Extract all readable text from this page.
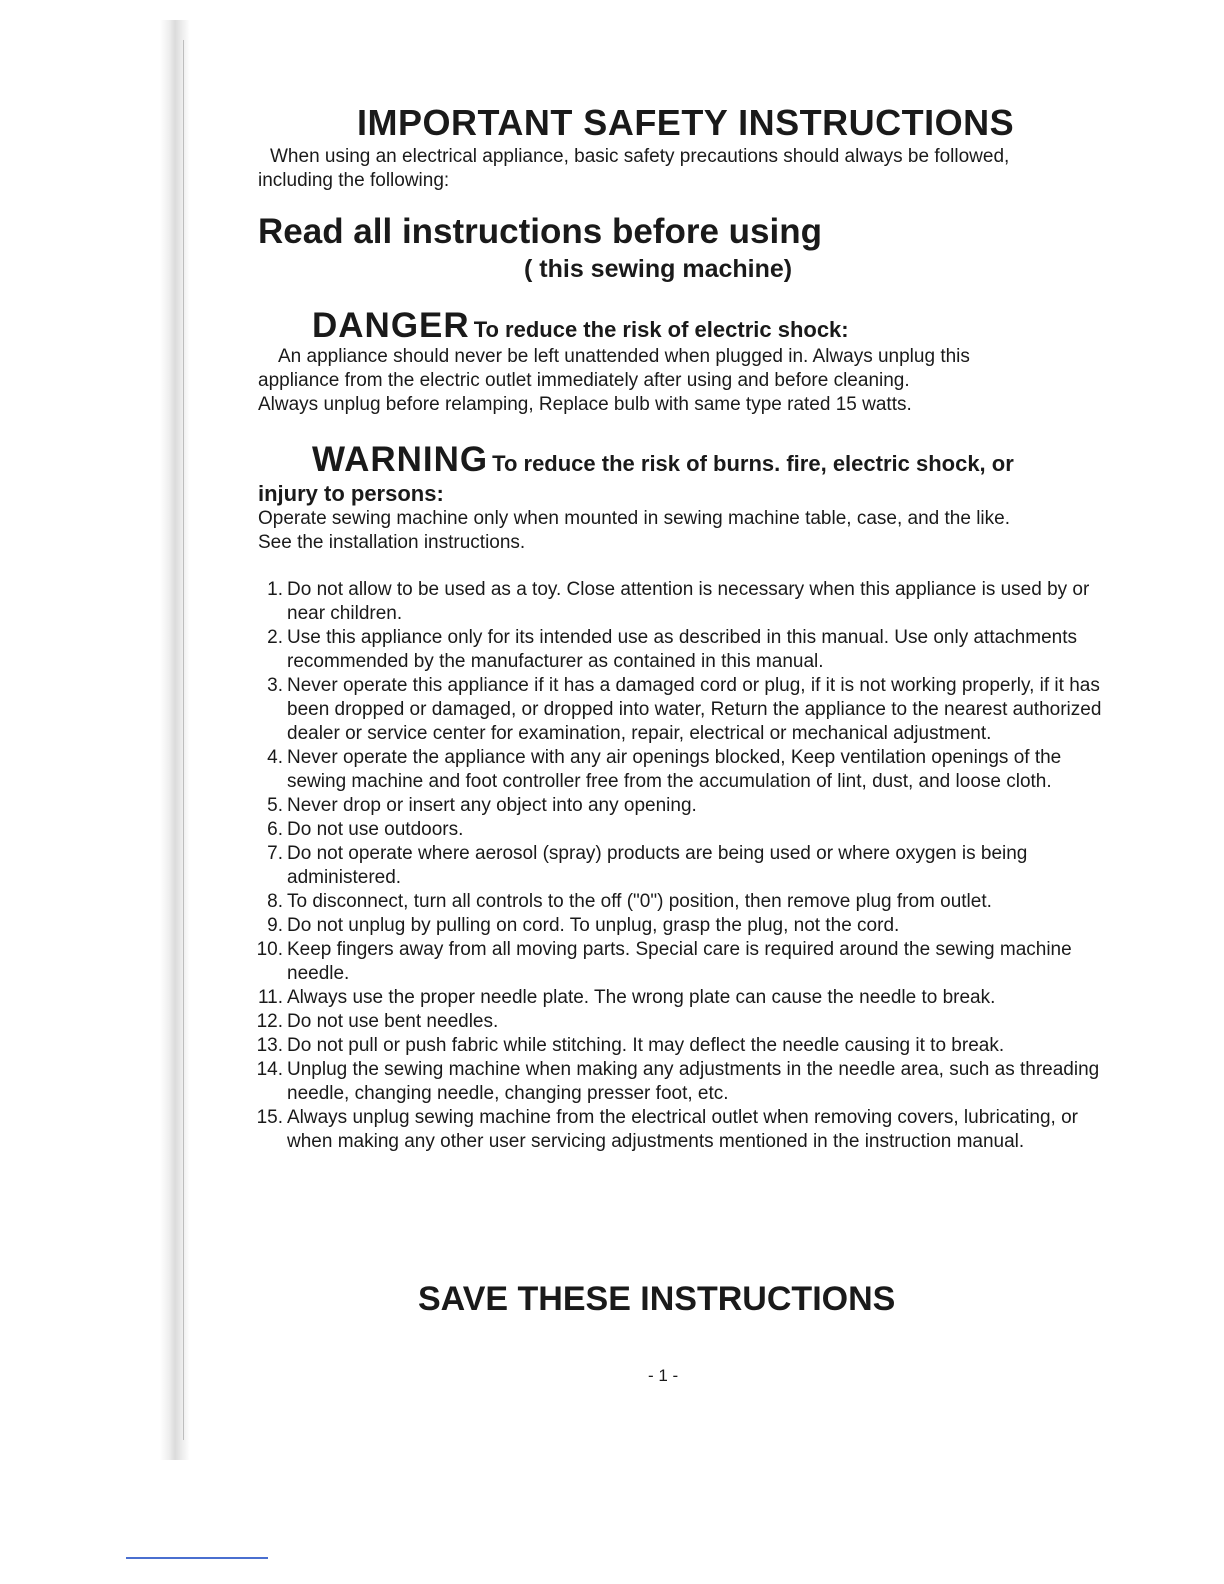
IMPORTANT SAFETY INSTRUCTIONS

When using an electrical appliance, basic safety precautions should always be followed,
including the following:

Read all instructions before using
( this sewing machine)
DANGER To reduce the risk of electric shock:

An appliance should never be left unattended when plugged in. Always unplug this
appliance from the electric outlet immediately after using and before cleaning.
Always unplug before relamping, Replace bulb with same type rated 15 watts.

WARNING To reduce the risk of burns. fire, electric shock, or
injury to persons:

Operate sewing machine only when mounted in sewing machine table, case, and the like.
See the installation instructions.

1. Do not allow to be used as a toy. Close attention is necessary when this appliance is used by or near children.
2. Use this appliance only for its intended use as described in this manual. Use only attachments recommended by the manufacturer as contained in this manual.
3. Never operate this appliance if it has a damaged cord or plug, if it is not working properly, if it has been dropped or damaged, or dropped into water, Return the appliance to the nearest authorized dealer or service center for examination, repair, electrical or mechanical adjustment.
4. Never operate the appliance with any air openings blocked, Keep ventilation openings of the sewing machine and foot controller free from the accumulation of lint, dust, and loose cloth.
5. Never drop or insert any object into any opening.
6. Do not use outdoors.
7. Do not operate where aerosol (spray) products are being used or where oxygen is being administered.
8. To disconnect, turn all controls to the off ("0") position, then remove plug from outlet.
9. Do not unplug by pulling on cord. To unplug, grasp the plug, not the cord.
10. Keep fingers away from all moving parts. Special care is required around the sewing machine needle.
11. Always use the proper needle plate. The wrong plate can cause the needle to break.
12. Do not use bent needles.
13. Do not pull or push fabric while stitching. It may deflect the needle causing it to break.
14. Unplug the sewing machine when making any adjustments in the needle area, such as threading needle, changing needle, changing presser foot, etc.
15. Always unplug sewing machine from the electrical outlet when removing covers, lubricating, or when making any other user servicing adjustments mentioned in the instruction manual.
SAVE THESE INSTRUCTIONS
- 1 -
